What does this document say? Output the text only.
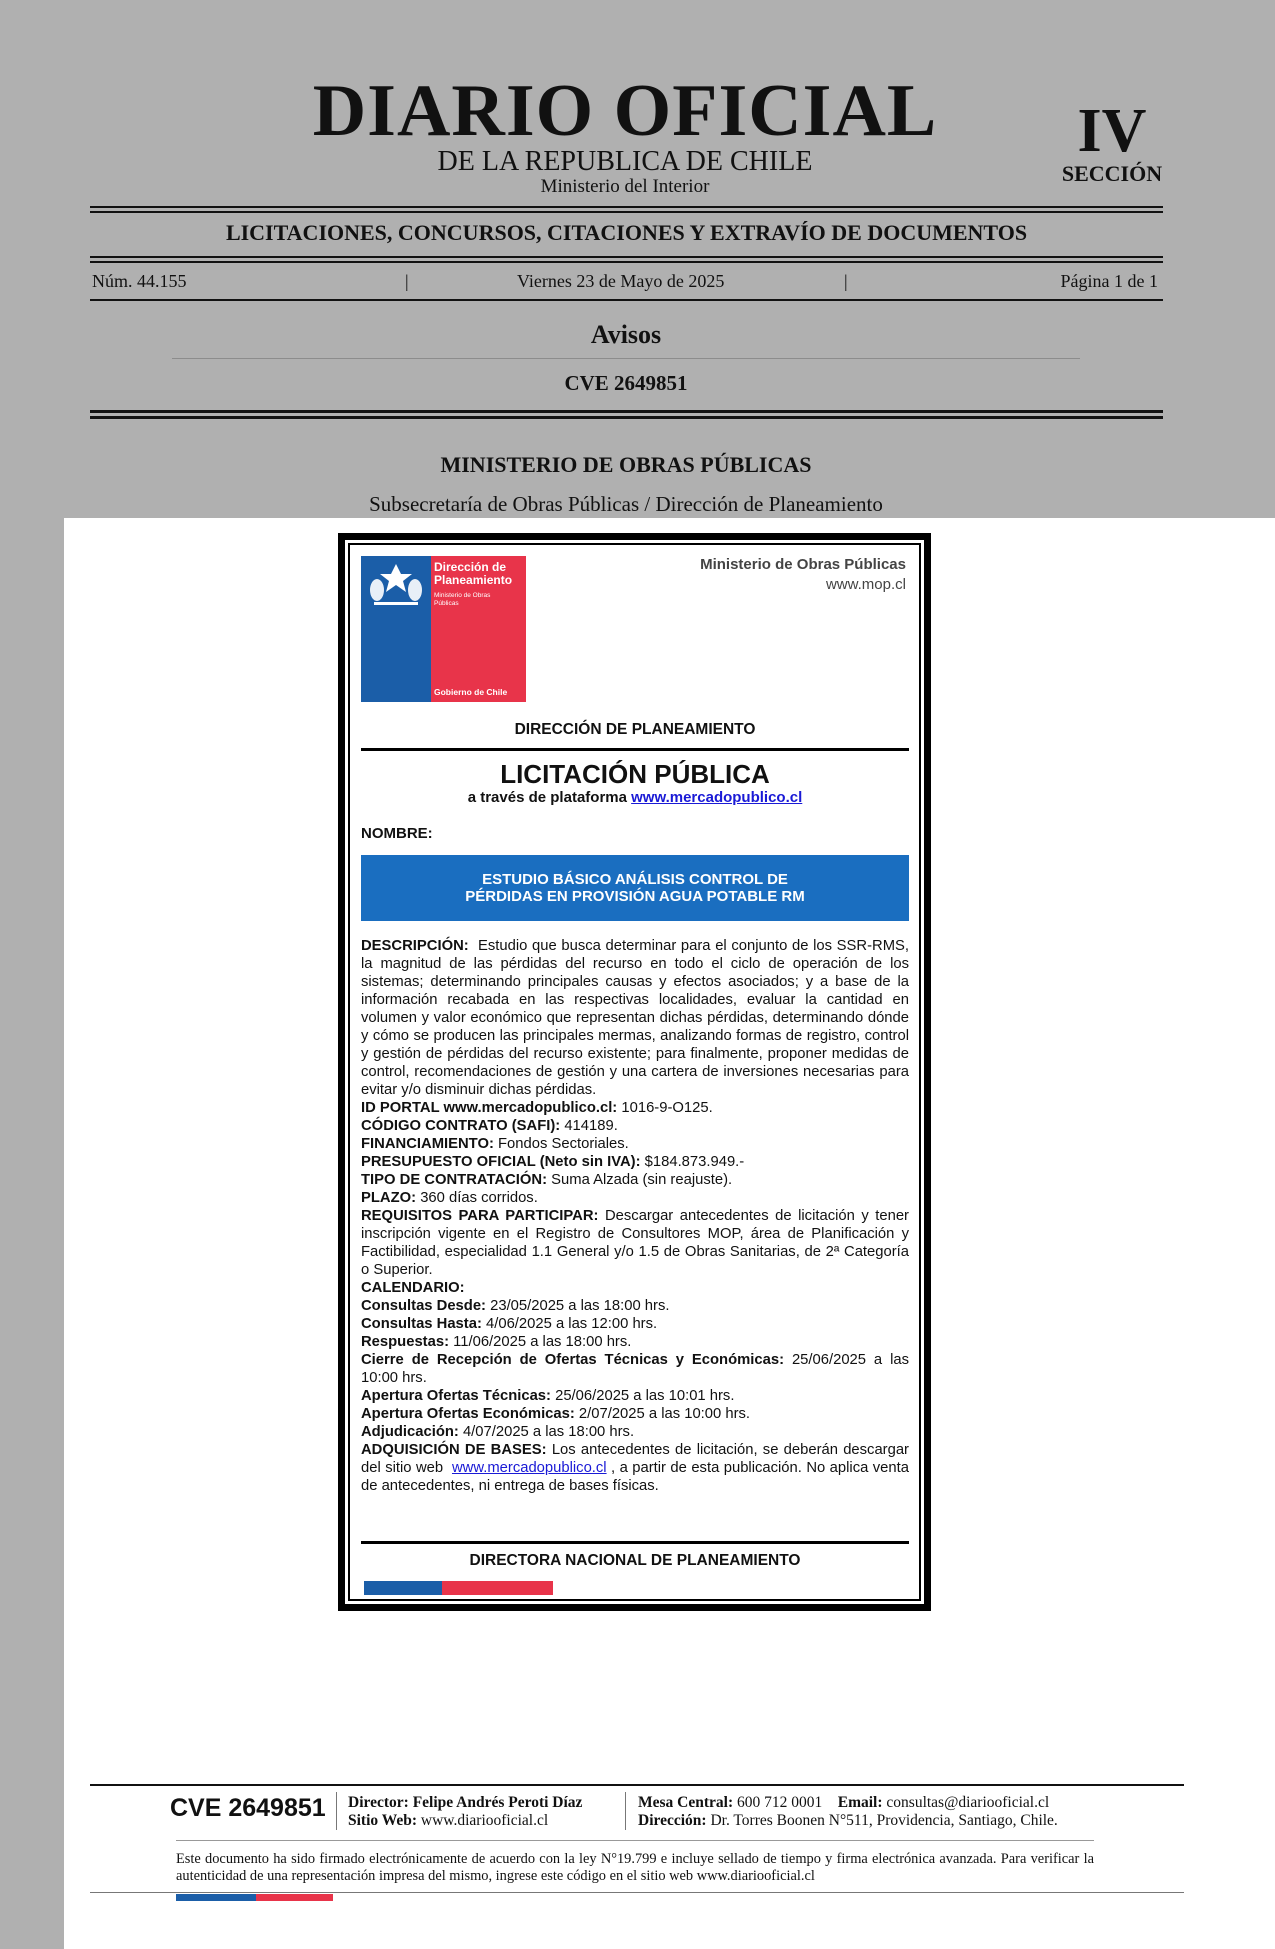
DIARIO OFICIAL
DE LA REPUBLICA DE CHILE
Ministerio del Interior
IV
SECCIÓN
LICITACIONES, CONCURSOS, CITACIONES Y EXTRAVÍO DE DOCUMENTOS
Núm. 44.155	|	Viernes 23 de Mayo de 2025	|	Página 1 de 1
Avisos
CVE 2649851
MINISTERIO DE OBRAS PÚBLICAS
Subsecretaría de Obras Públicas / Dirección de Planeamiento
Dirección de
Planeamiento
Ministerio de Obras
Públicas
Gobierno de Chile
Ministerio de Obras Públicas
www.mop.cl
DIRECCIÓN DE PLANEAMIENTO
LICITACIÓN PÚBLICA
a través de plataforma www.mercadopublico.cl
NOMBRE:
ESTUDIO BÁSICO ANÁLISIS CONTROL DE
PÉRDIDAS EN PROVISIÓN AGUA POTABLE RM

DESCRIPCIÓN: Estudio que busca determinar para el conjunto de los SSR-RMS, la magnitud de las pérdidas del recurso en todo el ciclo de operación de los sistemas; determinando principales causas y efectos asociados; y a base de la información recabada en las respectivas localidades, evaluar la cantidad en volumen y valor económico que representan dichas pérdidas, determinando dónde y cómo se producen las principales mermas, analizando formas de registro, control y gestión de pérdidas del recurso existente; para finalmente, proponer medidas de control, recomendaciones de gestión y una cartera de inversiones necesarias para evitar y/o disminuir dichas pérdidas.

ID PORTAL www.mercadopublico.cl: 1016-9-O125.

CÓDIGO CONTRATO (SAFI): 414189.

FINANCIAMIENTO: Fondos Sectoriales.

PRESUPUESTO OFICIAL (Neto sin IVA): $184.873.949.-

TIPO DE CONTRATACIÓN: Suma Alzada (sin reajuste).

PLAZO: 360 días corridos.

REQUISITOS PARA PARTICIPAR: Descargar antecedentes de licitación y tener inscripción vigente en el Registro de Consultores MOP, área de Planificación y Factibilidad, especialidad 1.1 General y/o 1.5 de Obras Sanitarias, de 2ª Categoría o Superior.

CALENDARIO:

Consultas Desde: 23/05/2025 a las 18:00 hrs.

Consultas Hasta: 4/06/2025 a las 12:00 hrs.

Respuestas: 11/06/2025 a las 18:00 hrs.

Cierre de Recepción de Ofertas Técnicas y Económicas: 25/06/2025 a las 10:00 hrs.

Apertura Ofertas Técnicas: 25/06/2025 a las 10:01 hrs.

Apertura Ofertas Económicas: 2/07/2025 a las 10:00 hrs.

Adjudicación: 4/07/2025 a las 18:00 hrs.

ADQUISICIÓN DE BASES: Los antecedentes de licitación, se deberán descargar del sitio web www.mercadopublico.cl , a partir de esta publicación. No aplica venta de antecedentes, ni entrega de bases físicas.

DIRECTORA NACIONAL DE PLANEAMIENTO
CVE 2649851 Director: Felipe Andrés Peroti Díaz
Sitio Web: www.diariooficial.cl
Mesa Central: 600 712 0001 Email: consultas@diariooficial.cl
Dirección: Dr. Torres Boonen N°511, Providencia, Santiago, Chile.
Este documento ha sido firmado electrónicamente de acuerdo con la ley N°19.799 e incluye sellado de tiempo y firma electrónica avanzada. Para verificar la autenticidad de una representación impresa del mismo, ingrese este código en el sitio web www.diariooficial.cl
